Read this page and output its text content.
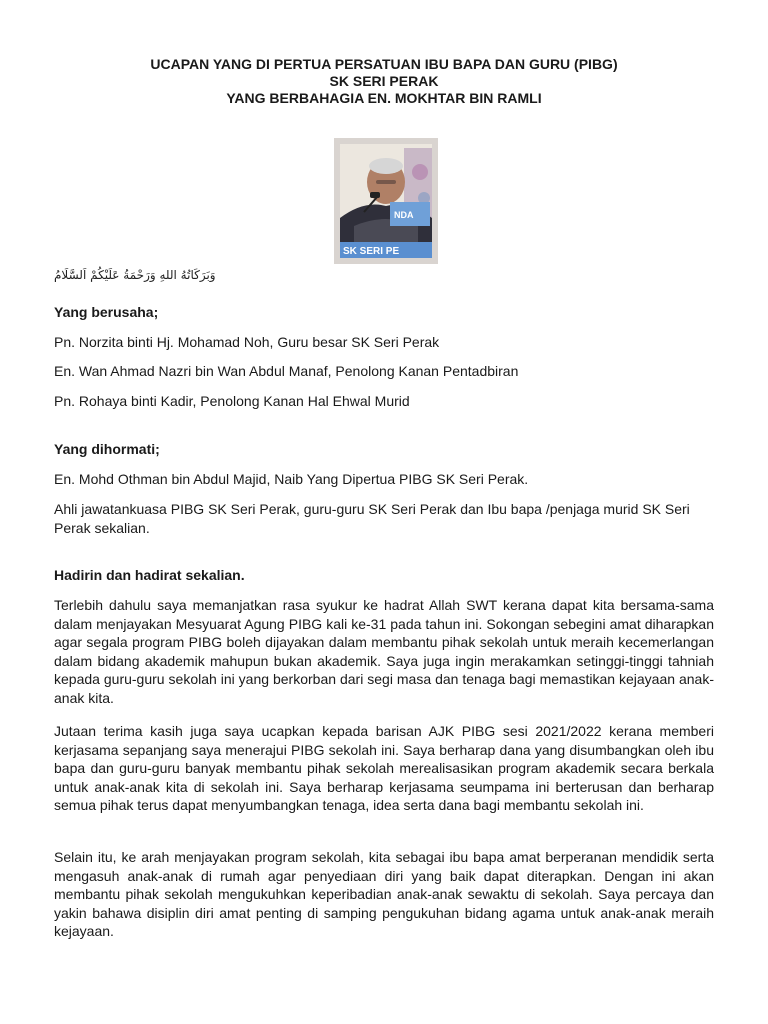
UCAPAN YANG DI PERTUA PERSATUAN IBU BAPA DAN GURU (PIBG)
SK SERI PERAK
YANG BERBAHAGIA EN. MOKHTAR BIN RAMLI
NDA
SK SERI PE
وَبَرَكَاتُهُ اللهِ وَرَحْمَةُ عَلَيْكُمْ اَلسَّلَامُ
Yang berusaha;
Pn. Norzita binti Hj. Mohamad Noh, Guru besar SK Seri Perak
En. Wan Ahmad Nazri bin Wan Abdul Manaf, Penolong Kanan Pentadbiran
Pn. Rohaya binti Kadir, Penolong Kanan Hal Ehwal Murid
Yang dihormati;
En. Mohd Othman bin Abdul Majid, Naib Yang Dipertua PIBG SK Seri Perak.
Ahli jawatankuasa PIBG SK Seri Perak, guru-guru SK Seri Perak dan Ibu bapa /penjaga murid SK Seri Perak sekalian.
Hadirin dan hadirat sekalian.
Terlebih dahulu saya memanjatkan rasa syukur ke hadrat Allah SWT kerana dapat kita bersama-sama dalam menjayakan Mesyuarat Agung PIBG kali ke-31 pada tahun ini. Sokongan sebegini amat diharapkan agar segala program PIBG boleh dijayakan dalam membantu pihak sekolah untuk meraih kecemerlangan dalam bidang akademik mahupun bukan akademik. Saya juga ingin merakamkan setinggi-tinggi tahniah kepada guru-guru sekolah ini yang berkorban dari segi masa dan tenaga bagi memastikan kejayaan anak-anak kita.
Jutaan terima kasih juga saya ucapkan kepada barisan AJK PIBG sesi 2021/2022 kerana memberi kerjasama sepanjang saya menerajui PIBG sekolah ini. Saya berharap dana yang disumbangkan oleh ibu bapa dan guru-guru banyak membantu pihak sekolah merealisasikan program akademik secara berkala untuk anak-anak kita di sekolah ini. Saya berharap kerjasama seumpama ini berterusan dan berharap semua pihak terus dapat menyumbangkan tenaga, idea serta dana bagi membantu sekolah ini.
Selain itu, ke arah menjayakan program sekolah, kita sebagai ibu bapa amat berperanan mendidik serta mengasuh anak-anak di rumah agar penyediaan diri yang baik dapat diterapkan. Dengan ini akan membantu pihak sekolah mengukuhkan keperibadian anak-anak sewaktu di sekolah. Saya percaya dan yakin bahawa disiplin diri amat penting di samping pengukuhan bidang agama untuk anak-anak meraih kejayaan.
